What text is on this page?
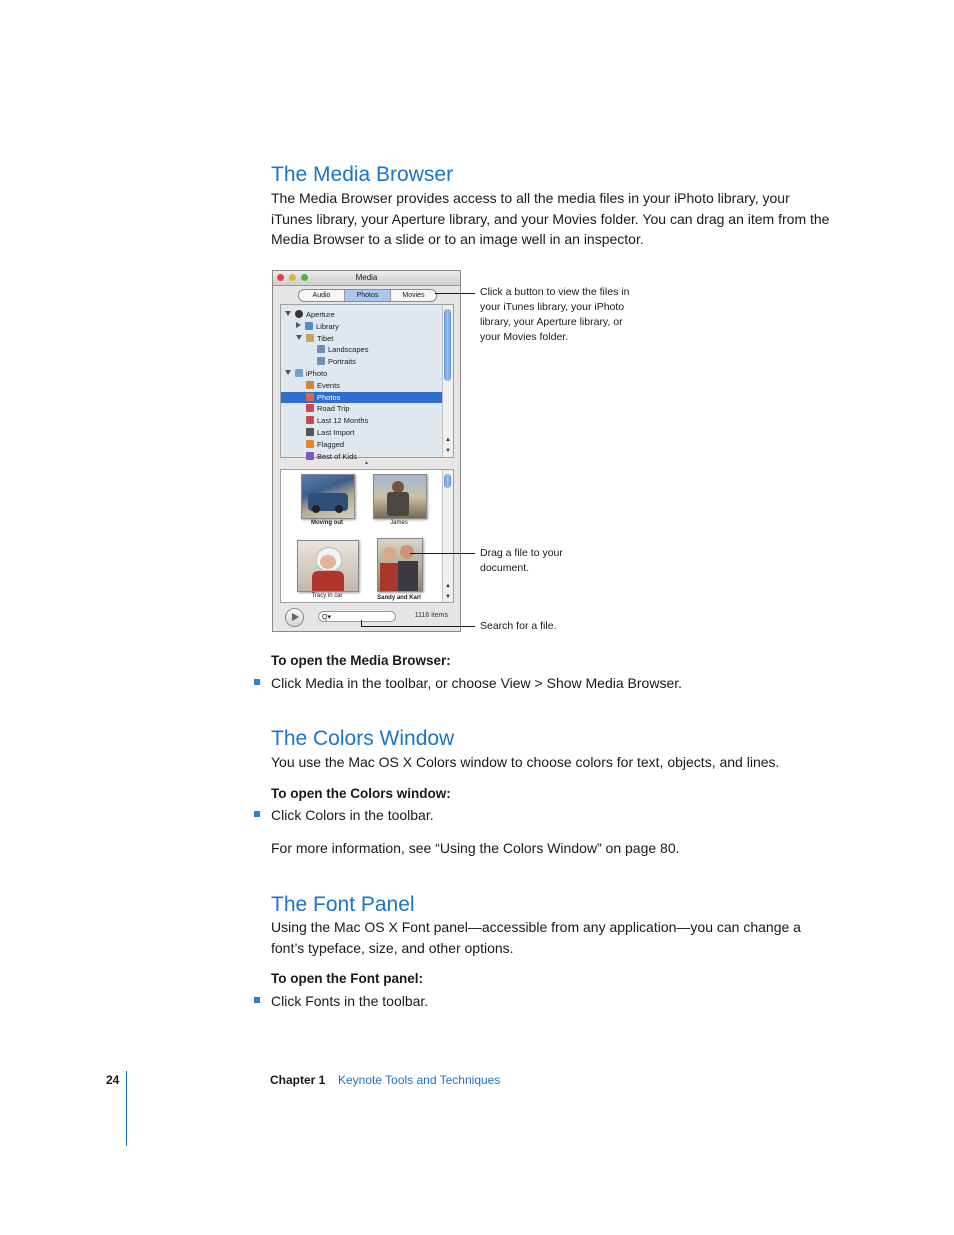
The Media Browser
The Media Browser provides access to all the media files in your iPhoto library, your iTunes library, your Aperture library, and your Movies folder. You can drag an item from the Media Browser to a slide or to an image well in an inspector.
Media
Audio	Photos	Movies
Aperture
Library
Tibet
Landscapes
Portraits
iPhoto
Events
Photos
Road Trip
Last 12 Months
Last Import
Flagged
Best of Kids
▲
▼
▴
Moving out	James
Tracy in car	Sandy and Karl
▲
▼
Q▾	1116 items
Click a button to view the files in your iTunes library, your iPhoto library, your Aperture library, or your Movies folder.
Drag a file to your document.
Search for a file.
To open the Media Browser:
Click Media in the toolbar, or choose View > Show Media Browser.
The Colors Window
You use the Mac OS X Colors window to choose colors for text, objects, and lines.
To open the Colors window:
Click Colors in the toolbar.
For more information, see “Using the Colors Window” on page 80.
The Font Panel
Using the Mac OS X Font panel—accessible from any application—you can change a font’s typeface, size, and other options.
To open the Font panel:
Click Fonts in the toolbar.
24	Chapter 1 Keynote Tools and Techniques
